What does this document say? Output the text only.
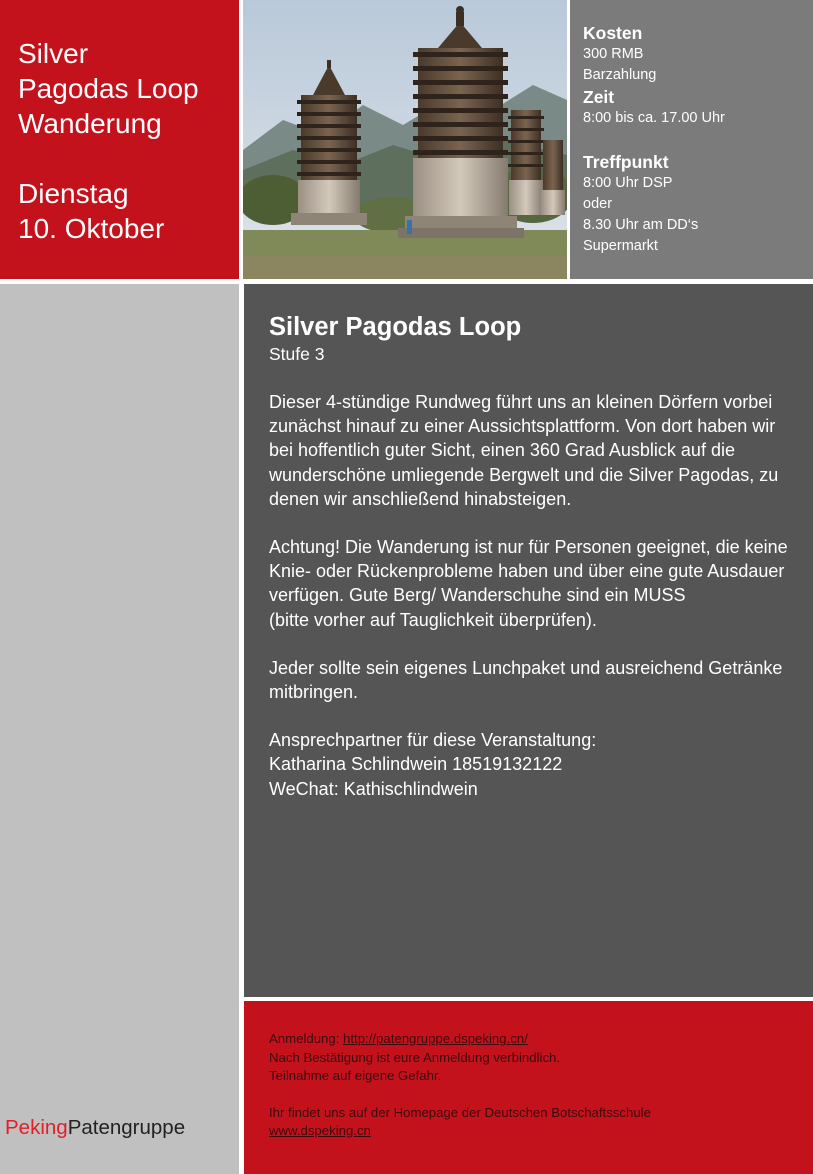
Silver
Pagodas Loop
Wanderung
Dienstag
10. Oktober
Kosten
300 RMB
Barzahlung
Zeit
8:00 bis ca. 17.00 Uhr
Treffpunkt
8:00 Uhr DSP
oder
8.30 Uhr am DD‘s
Supermarkt
PekingPatengruppe
Silver Pagodas Loop
Stufe 3
Dieser 4-stündige Rundweg führt uns an kleinen Dörfern vorbei zunächst hinauf zu einer Aussichtsplattform. Von dort haben wir bei hoffentlich guter Sicht, einen 360 Grad Ausblick auf die wunderschöne umliegende Bergwelt und die Silver Pagodas, zu denen wir anschließend hinabsteigen.
Achtung! Die Wanderung ist nur für Personen geeignet, die keine Knie- oder Rückenprobleme haben und über eine gute Ausdauer verfügen. Gute Berg/ Wanderschuhe sind ein MUSS
(bitte vorher auf Tauglichkeit überprüfen).
Jeder sollte sein eigenes Lunchpaket und ausreichend Getränke mitbringen.
Ansprechpartner für diese Veranstaltung:
Katharina Schlindwein 18519132122
WeChat: Kathischlindwein
Anmeldung: http://patengruppe.dspeking.cn/
Nach Bestätigung ist eure Anmeldung verbindlich.
Teilnahme auf eigene Gefahr.
Ihr findet uns auf der Homepage der Deutschen Botschaftsschule
www.dspeking.cn
